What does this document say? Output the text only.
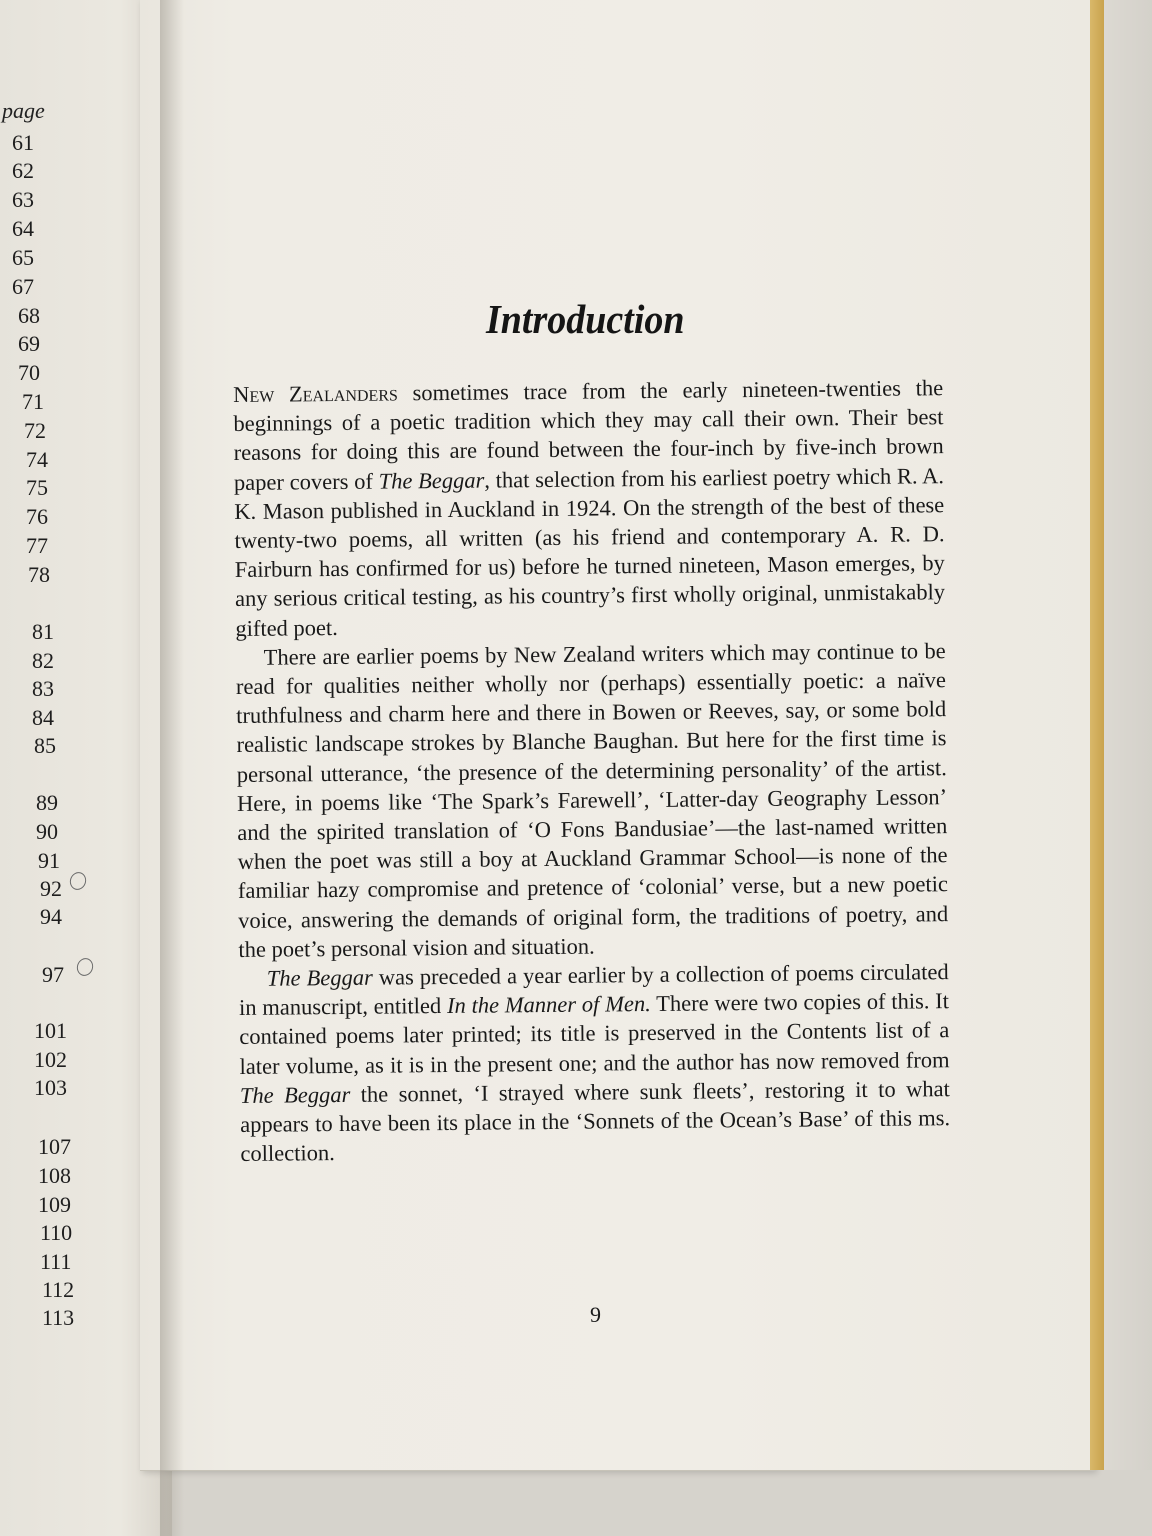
page

61
62
63
64
65
67
68
69
70
71
72
74
75
76
77
78
81
82
83
84
85
89
90
91
92
94
97
101
102
103
107
108
109
110
111
112
113
Introduction

New Zealanders sometimes trace from the early nineteen-twenties the beginnings of a poetic tradition which they may call their own. Their best reasons for doing this are found between the four-inch by five-inch brown paper covers of The Beggar, that selection from his earliest poetry which R. A. K. Mason published in Auckland in 1924. On the strength of the best of these twenty-two poems, all written (as his friend and contemporary A. R. D. Fairburn has confirmed for us) before he turned nineteen, Mason emerges, by any serious critical testing, as his country’s first wholly original, unmistakably gifted poet.

There are earlier poems by New Zealand writers which may continue to be read for qualities neither wholly nor (perhaps) essentially poetic: a naïve truthfulness and charm here and there in Bowen or Reeves, say, or some bold realistic landscape strokes by Blanche Baughan. But here for the first time is personal utterance, ‘the presence of the determining personality’ of the artist. Here, in poems like ‘The Spark’s Farewell’, ‘Latter-day Geography Lesson’ and the spirited translation of ‘O Fons Bandusiae’—the last-named written when the poet was still a boy at Auckland Grammar School—is none of the familiar hazy compromise and pretence of ‘colonial’ verse, but a new poetic voice, answering the demands of original form, the traditions of poetry, and the poet’s personal vision and situation.

The Beggar was preceded a year earlier by a collection of poems circulated in manuscript, entitled In the Manner of Men. There were two copies of this. It contained poems later printed; its title is preserved in the Contents list of a later volume, as it is in the present one; and the author has now removed from The Beggar the sonnet, ‘I strayed where sunk fleets’, restoring it to what appears to have been its place in the ‘Sonnets of the Ocean’s Base’ of this ms. collection.

9
